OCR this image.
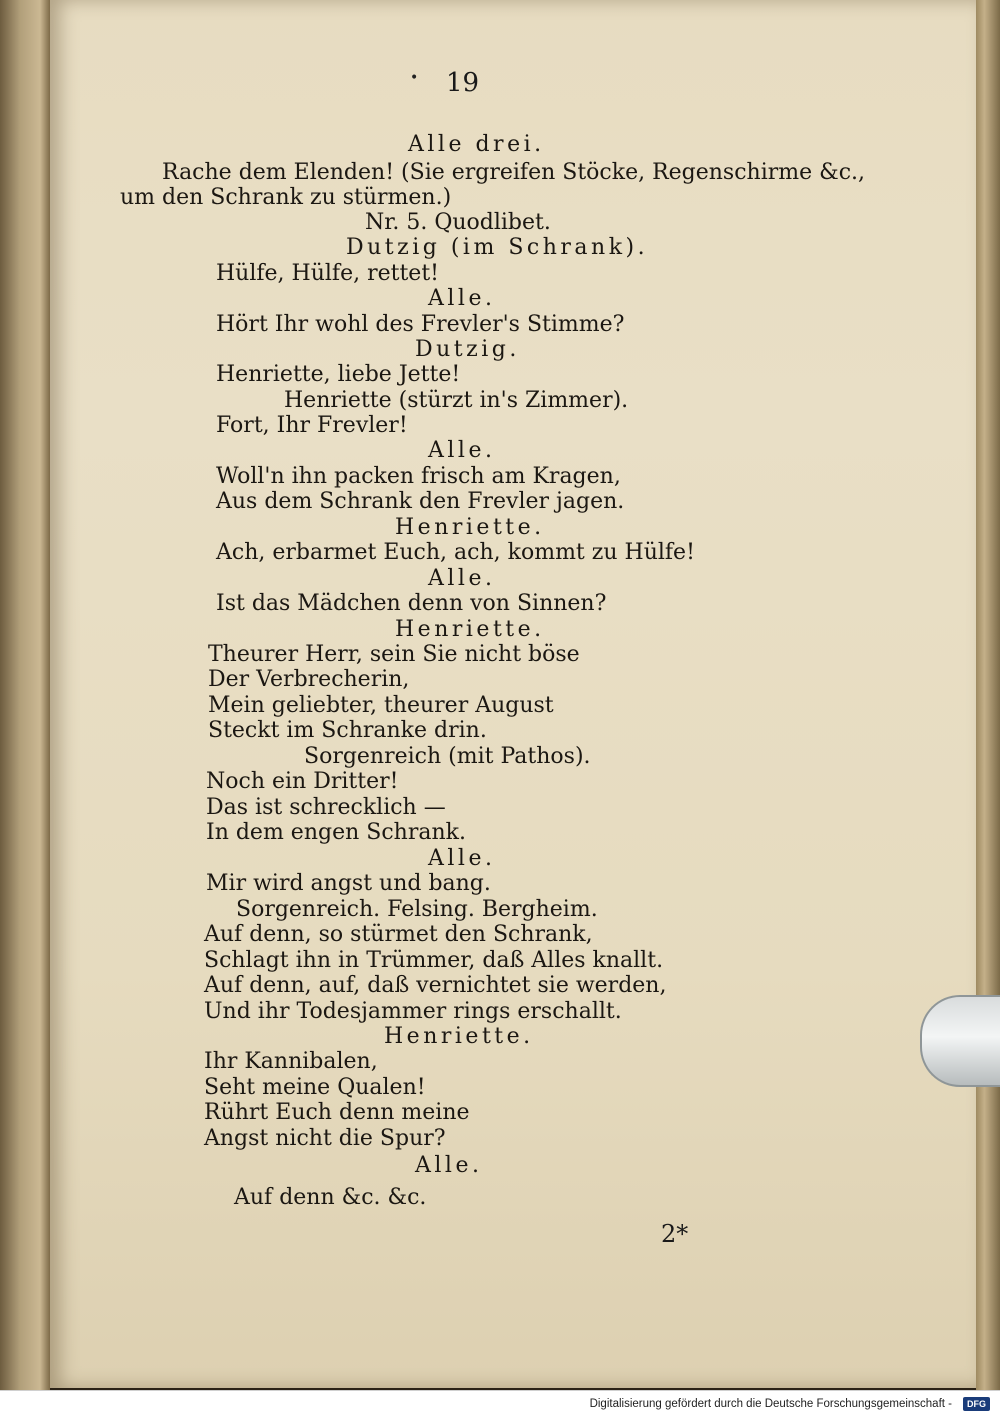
• 19
Alle drei.
Rache dem Elenden! (Sie ergreifen Stöcke, Regenschirme &c.,
um den Schrank zu stürmen.)
Nr. 5. Quodlibet.
Dutzig (im Schrank).
Hülfe, Hülfe, rettet!
Alle.
Hört Ihr wohl des Frevler's Stimme?
Dutzig.
Henriette, liebe Jette!
Henriette (stürzt in's Zimmer).
Fort, Ihr Frevler!
Alle.
Woll'n ihn packen frisch am Kragen,
Aus dem Schrank den Frevler jagen.
Henriette.
Ach, erbarmet Euch, ach, kommt zu Hülfe!
Alle.
Ist das Mädchen denn von Sinnen?
Henriette.
Theurer Herr, sein Sie nicht böse
Der Verbrecherin,
Mein geliebter, theurer August
Steckt im Schranke drin.
Sorgenreich (mit Pathos).
Noch ein Dritter!
Das ist schrecklich —
In dem engen Schrank.
Alle.
Mir wird angst und bang.
Sorgenreich. Felsing. Bergheim.
Auf denn, so stürmet den Schrank,
Schlagt ihn in Trümmer, daß Alles knallt.
Auf denn, auf, daß vernichtet sie werden,
Und ihr Todesjammer rings erschallt.
Henriette.
Ihr Kannibalen,
Seht meine Qualen!
Rührt Euch denn meine
Angst nicht die Spur?
Alle.
Auf denn &c. &c.
2*
Digitalisierung gefördert durch die Deutsche Forschungsgemeinschaft -	DFG
